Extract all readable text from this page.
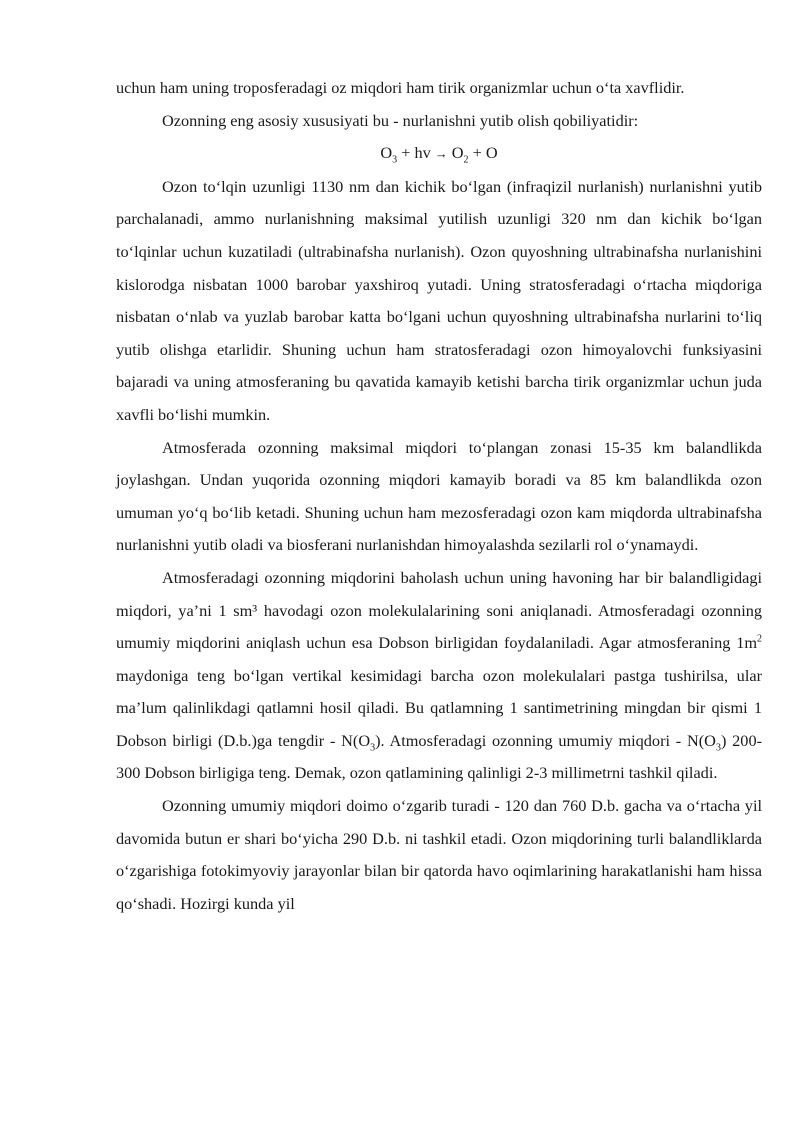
uchun ham uning troposferadagi oz miqdori ham tirik organizmlar uchun o‘ta xavflidir.

Ozonning eng asosiy xususiyati bu - nurlanishni yutib olish qobiliyatidir:

$O_3$ + hv → $O_2 + O$

Ozon to‘lqin uzunligi 1130 nm dan kichik bo‘lgan (infraqizil nurlanish) nurlanishni yutib parchalanadi, ammo nurlanishning maksimal yutilish uzunligi 320 nm dan kichik bo‘lgan to‘lqinlar uchun kuzatiladi (ultrabinafsha nurlanish). Ozon quyoshning ultrabinafsha nurlanishini kislorodga nisbatan 1000 barobar yaxshiroq yutadi. Uning stratosferadagi o‘rtacha miqdoriga nisbatan o‘nlab va yuzlab barobar katta bo‘lgani uchun quyoshning ultrabinafsha nurlarini to‘liq yutib olishga etarlidir. Shuning uchun ham stratosferadagi ozon himoyalovchi funksiyasini bajaradi va uning atmosferaning bu qavatida kamayib ketishi barcha tirik organizmlar uchun juda xavfli bo‘lishi mumkin.

Atmosferada ozonning maksimal miqdori to‘plangan zonasi 15-35 km balandlikda joylashgan. Undan yuqorida ozonning miqdori kamayib boradi va 85 km balandlikda ozon umuman yo‘q bo‘lib ketadi. Shuning uchun ham mezosferadagi ozon kam miqdorda ultrabinafsha nurlanishni yutib oladi va biosferani nurlanishdan himoyalashda sezilarli rol o‘ynamaydi.

Atmosferadagi ozonning miqdorini baholash uchun uning havoning har bir balandligidagi miqdori, ya’ni 1 sm³ havodagi ozon molekulalarining soni aniqlanadi. Atmosferadagi ozonning umumiy miqdorini aniqlash uchun esa Dobson birligidan foydalaniladi. Agar atmosferaning $1m^2$ maydoniga teng bo‘lgan vertikal kesimidagi barcha ozon molekulalari pastga tushirilsa, ular ma’lum qalinlikdagi qatlamni hosil qiladi. Bu qatlamning 1 santimetrining mingdan bir qismi 1 Dobson birligi (D.b.)ga tengdir - $N(O_3)$. Atmosferadagi ozonning umumiy miqdori - $N(O_3)$ 200-300 Dobson birligiga teng. Demak, ozon qatlamining qalinligi 2-3 millimetrni tashkil qiladi.

Ozonning umumiy miqdori doimo o‘zgarib turadi - 120 dan 760 D.b. gacha va o‘rtacha yil davomida butun er shari bo‘yicha 290 D.b. ni tashkil etadi. Ozon miqdorining turli balandliklarda o‘zgarishiga fotokimyoviy jarayonlar bilan bir qatorda havo oqimlarining harakatlanishi ham hissa qo‘shadi. Hozirgi kunda yil
